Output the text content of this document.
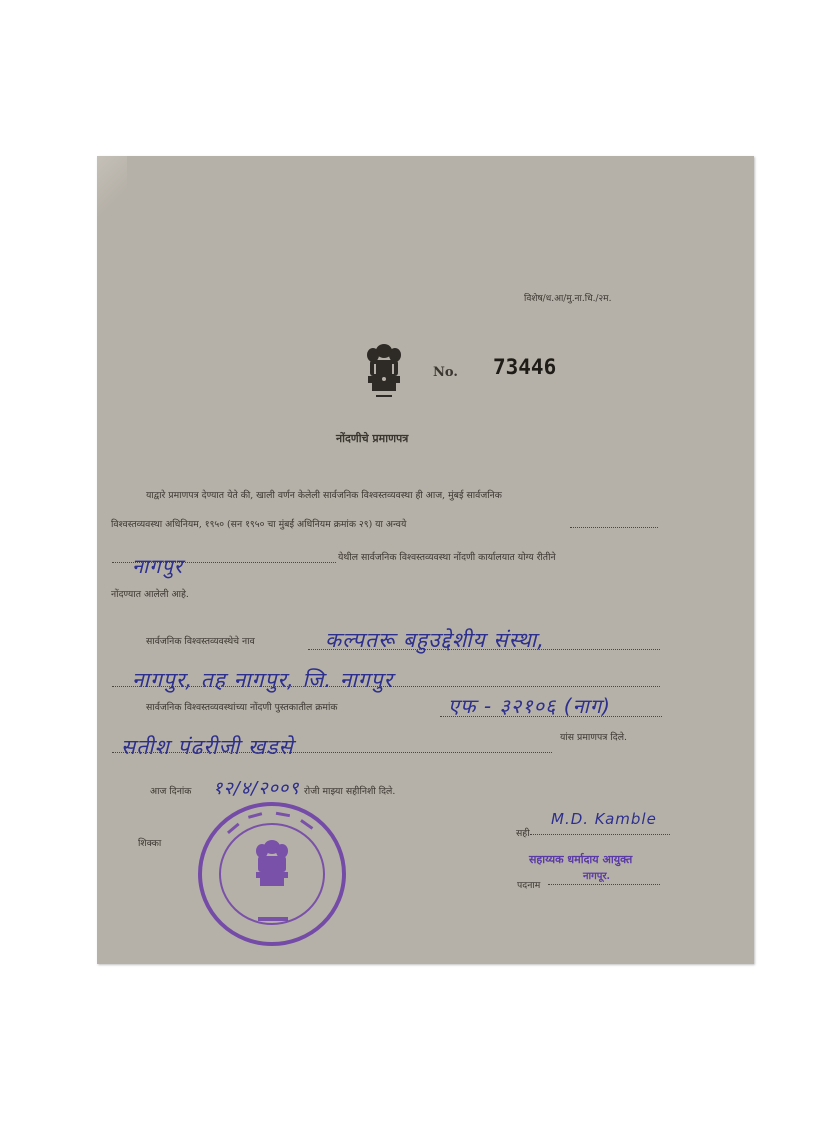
विशेष/ध.आ/मु.ना.धि./२म.
No. 73446
नोंदणीचे प्रमाणपत्र
याद्वारे प्रमाणपत्र देण्यात येते की, खाली वर्णन केलेली सार्वजनिक विश्वस्तव्यवस्था ही आज, मुंबई सार्वजनिक
विश्वस्तव्यवस्था अधिनियम, १९५० (सन १९५० चा मुंबई अधिनियम क्रमांक २९) या अन्वये
नागपुर	येथील सार्वजनिक विश्वस्तव्यवस्था नोंदणी कार्यालयात योग्य रीतीने
नोंदण्यात आलेली आहे.
सार्वजनिक विश्वस्तव्यवस्थेचे नाव	कल्पतरू बहुउद्देशीय संस्था,
नागपुर, तह नागपुर, जि. नागपुर
सार्वजनिक विश्वस्तव्यवस्थांच्या नोंदणी पुस्तकातील क्रमांक	एफ - ३२१०६ (नाग)
सतीश पंढरीजी खडसे	यांस प्रमाणपत्र दिले.
आज दिनांक १२/४/२००९ रोजी माझ्या सहीनिशी दिले.
शिक्का
सही
M.D. Kamble
सहाय्यक धर्मादाय आयुक्त
पदनाम
नागपूर.
